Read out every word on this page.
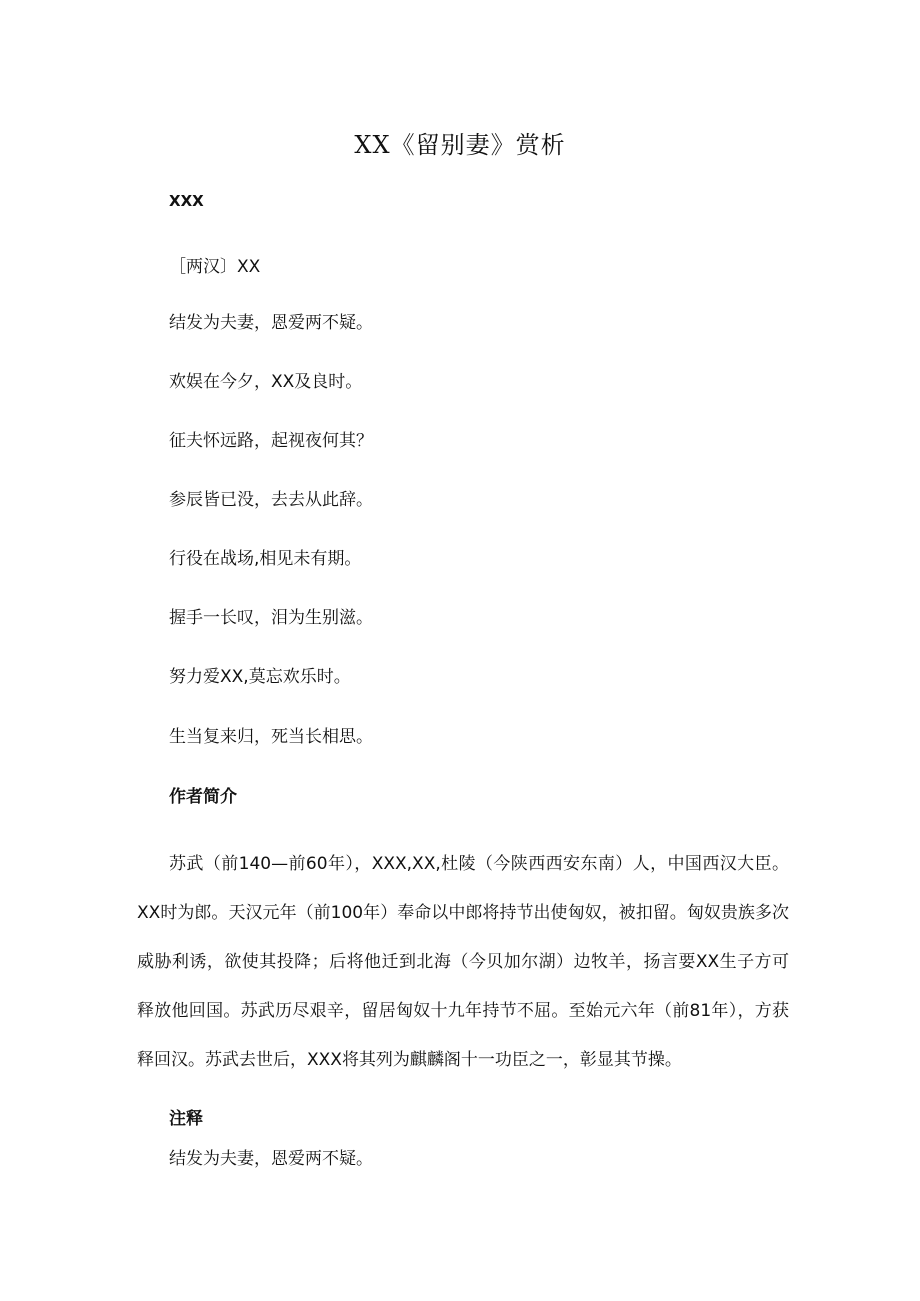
XX《留别妻》赏析
XXX
［两汉〕XX
结发为夫妻，恩爱两不疑。
欢娱在今夕，XX及良时。
征夫怀远路，起视夜何其？
参辰皆已没，去去从此辞。
行役在战场,相见未有期。
握手一长叹，泪为生别滋。
努力爱XX,莫忘欢乐时。
生当复来归，死当长相思。
作者简介
苏武（前140—前60年），XXX,XX,杜陵（今陕西西安东南）人，中国西汉大臣。XX时为郎。天汉元年（前100年）奉命以中郎将持节出使匈奴，被扣留。匈奴贵族多次威胁利诱，欲使其投降；后将他迁到北海（今贝加尔湖）边牧羊，扬言要XX生子方可释放他回国。苏武历尽艰辛，留居匈奴十九年持节不屈。至始元六年（前81年），方获释回汉。苏武去世后，XXX将其列为麒麟阁十一功臣之一，彰显其节操。
注释
结发为夫妻，恩爱两不疑。
